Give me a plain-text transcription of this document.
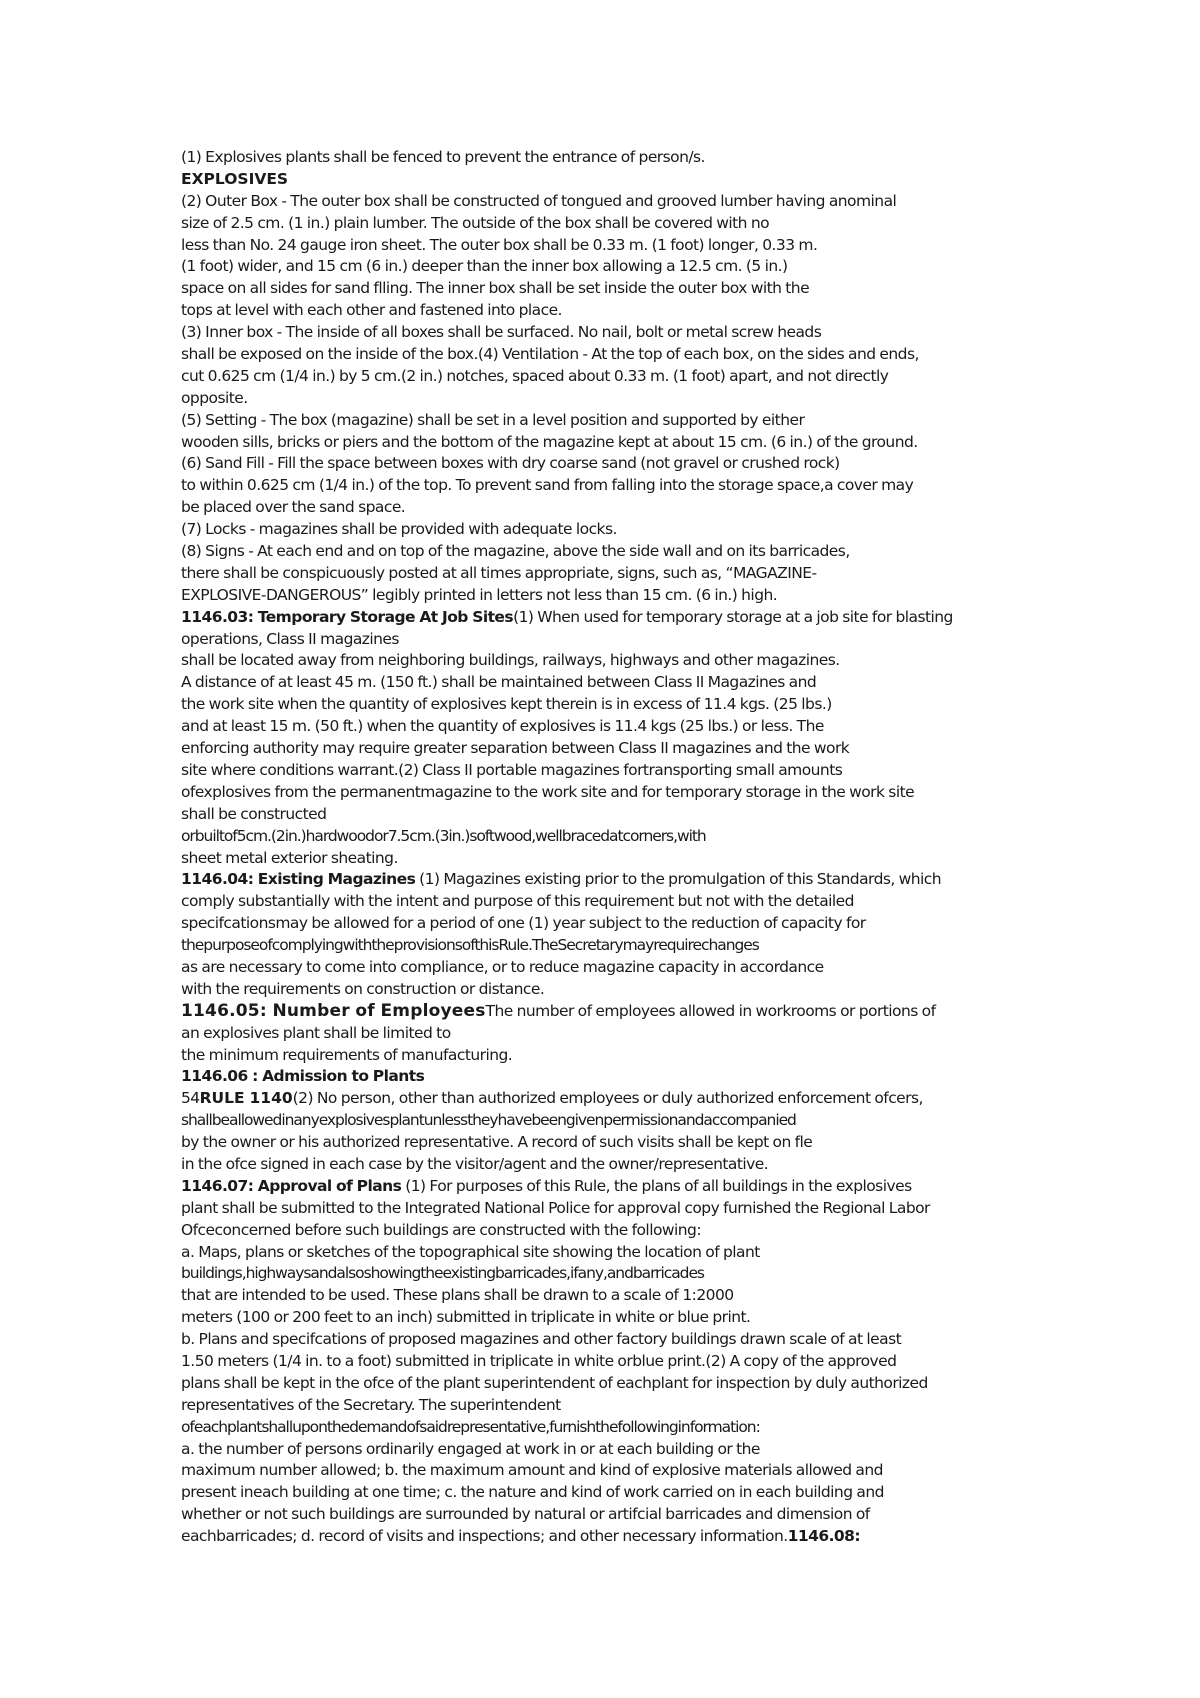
(1) Explosives plants shall be fenced to prevent the entrance of person/s.
EXPLOSIVES
(2) Outer Box - The outer box shall be constructed of tongued and grooved lumber having anominal
size of 2.5 cm. (1 in.) plain lumber. The outside of the box shall be covered with no
less than No. 24 gauge iron sheet. The outer box shall be 0.33 m. (1 foot) longer, 0.33 m.
(1 foot) wider, and 15 cm (6 in.) deeper than the inner box allowing a 12.5 cm. (5 in.)
space on all sides for sand flling. The inner box shall be set inside the outer box with the
tops at level with each other and fastened into place.
(3) Inner box - The inside of all boxes shall be surfaced. No nail, bolt or metal screw heads
shall be exposed on the inside of the box.(4) Ventilation - At the top of each box, on the sides and ends,
cut 0.625 cm (1/4 in.) by 5 cm.(2 in.) notches, spaced about 0.33 m. (1 foot) apart, and not directly
opposite.
(5) Setting - The box (magazine) shall be set in a level position and supported by either
wooden sills, bricks or piers and the bottom of the magazine kept at about 15 cm. (6 in.) of the ground.
(6) Sand Fill - Fill the space between boxes with dry coarse sand (not gravel or crushed rock)
to within 0.625 cm (1/4 in.) of the top. To prevent sand from falling into the storage space,a cover may
be placed over the sand space.
(7) Locks - magazines shall be provided with adequate locks.
(8) Signs - At each end and on top of the magazine, above the side wall and on its barricades,
there shall be conspicuously posted at all times appropriate, signs, such as, “MAGAZINE-
EXPLOSIVE-DANGEROUS” legibly printed in letters not less than 15 cm. (6 in.) high.
1146.03: Temporary Storage At Job Sites(1) When used for temporary storage at a job site for blasting
operations, Class II magazines
shall be located away from neighboring buildings, railways, highways and other magazines.
A distance of at least 45 m. (150 ft.) shall be maintained between Class II Magazines and
the work site when the quantity of explosives kept therein is in excess of 11.4 kgs. (25 lbs.)
and at least 15 m. (50 ft.) when the quantity of explosives is 11.4 kgs (25 lbs.) or less. The
enforcing authority may require greater separation between Class II magazines and the work
site where conditions warrant.(2) Class II portable magazines fortransporting small amounts
ofexplosives from the permanentmagazine to the work site and for temporary storage in the work site
shall be constructed
orbuiltof5cm.(2in.)hardwoodor7.5cm.(3in.)softwood,wellbracedatcorners,with
sheet metal exterior sheating.
1146.04: Existing Magazines (1) Magazines existing prior to the promulgation of this Standards, which
comply substantially with the intent and purpose of this requirement but not with the detailed
specifcationsmay be allowed for a period of one (1) year subject to the reduction of capacity for
thepurposeofcomplyingwiththeprovisionsofthisRule.TheSecretarymayrequirechanges
as are necessary to come into compliance, or to reduce magazine capacity in accordance
with the requirements on construction or distance.
1146.05: Number of EmployeesThe number of employees allowed in workrooms or portions of
an explosives plant shall be limited to
the minimum requirements of manufacturing.
1146.06 : Admission to Plants
54RULE 1140(2) No person, other than authorized employees or duly authorized enforcement ofcers,
shallbeallowedinanyexplosivesplantunlesstheyhavebeengivenpermissionandaccompanied
by the owner or his authorized representative. A record of such visits shall be kept on fle
in the ofce signed in each case by the visitor/agent and the owner/representative.
1146.07: Approval of Plans (1) For purposes of this Rule, the plans of all buildings in the explosives
plant shall be submitted to the Integrated National Police for approval copy furnished the Regional Labor
Ofceconcerned before such buildings are constructed with the following:
a. Maps, plans or sketches of the topographical site showing the location of plant
buildings,highwaysandalsoshowingtheexistingbarricades,ifany,andbarricades
that are intended to be used. These plans shall be drawn to a scale of 1:2000
meters (100 or 200 feet to an inch) submitted in triplicate in white or blue print.
b. Plans and specifcations of proposed magazines and other factory buildings drawn scale of at least
1.50 meters (1/4 in. to a foot) submitted in triplicate in white orblue print.(2) A copy of the approved
plans shall be kept in the ofce of the plant superintendent of eachplant for inspection by duly authorized
representatives of the Secretary. The superintendent
ofeachplantshalluponthedemandofsaidrepresentative,furnishthefollowinginformation:
a. the number of persons ordinarily engaged at work in or at each building or the
maximum number allowed; b. the maximum amount and kind of explosive materials allowed and
present ineach building at one time; c. the nature and kind of work carried on in each building and
whether or not such buildings are surrounded by natural or artifcial barricades and dimension of
eachbarricades; d. record of visits and inspections; and other necessary information.1146.08:
